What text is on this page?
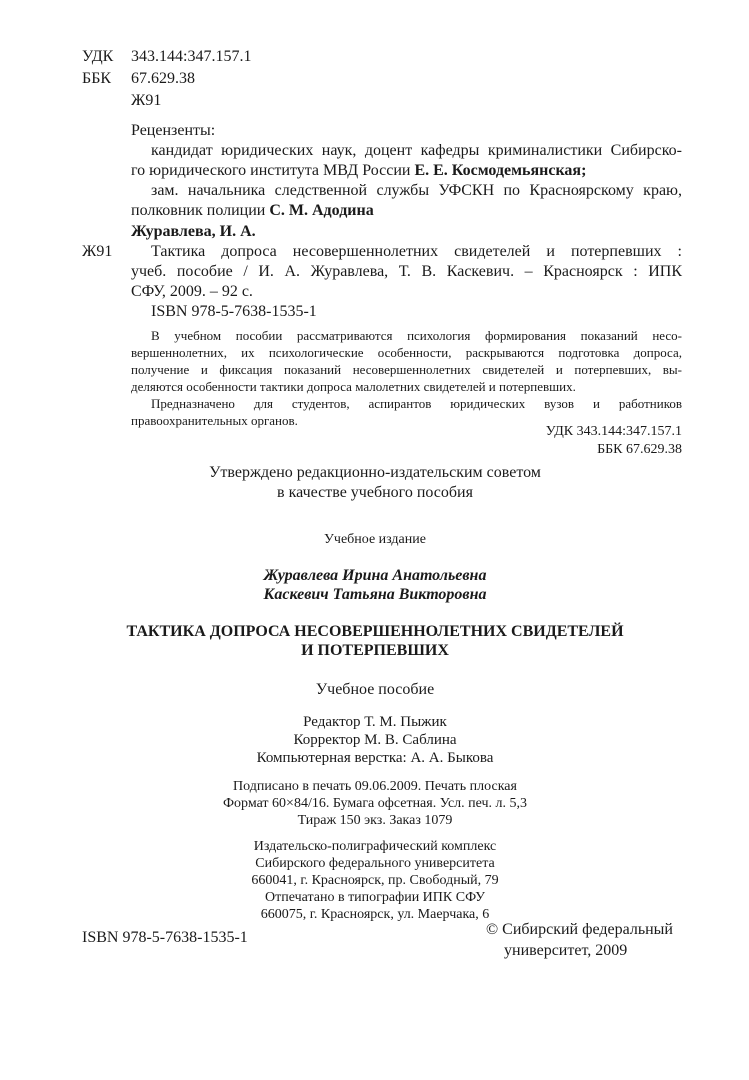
УДК 343.144:347.157.1
ББК 67.629.38
Ж91
Рецензенты:
кандидат юридических наук, доцент кафедры криминалистики Сибирско-
го юридического института МВД России Е. Е. Космодемьянская;
зам. начальника следственной службы УФСКН по Красноярскому краю,
полковник полиции С. М. Адодина
Журавлева, И. А.
Ж91 Тактика допроса несовершеннолетних свидетелей и потерпевших :
учеб. пособие / И. А. Журавлева, Т. В. Каскевич. – Красноярск : ИПК
СФУ, 2009. – 92 с.
ISBN 978-5-7638-1535-1
В учебном пособии рассматриваются психология формирования показаний несо-
вершеннолетних, их психологические особенности, раскрываются подготовка допроса,
получение и фиксация показаний несовершеннолетних свидетелей и потерпевших, вы-
деляются особенности тактики допроса малолетних свидетелей и потерпевших.
Предназначено для студентов, аспирантов юридических вузов и работников
правоохранительных органов.
УДК 343.144:347.157.1
ББК 67.629.38
Утверждено редакционно-издательским советом
в качестве учебного пособия
Учебное издание
Журавлева Ирина Анатольевна
Каскевич Татьяна Викторовна
ТАКТИКА ДОПРОСА НЕСОВЕРШЕННОЛЕТНИХ СВИДЕТЕЛЕЙ
И ПОТЕРПЕВШИХ
Учебное пособие
Редактор Т. М. Пыжик
Корректор М. В. Саблина
Компьютерная верстка: А. А. Быкова
Подписано в печать 09.06.2009. Печать плоская
Формат 60×84/16. Бумага офсетная. Усл. печ. л. 5,3
Тираж 150 экз. Заказ 1079
Издательско-полиграфический комплекс
Сибирского федерального университета
660041, г. Красноярск, пр. Свободный, 79
Отпечатано в типографии ИПК СФУ
660075, г. Красноярск, ул. Маерчака, 6
ISBN 978-5-7638-1535-1	© Сибирский федеральный
университет, 2009
